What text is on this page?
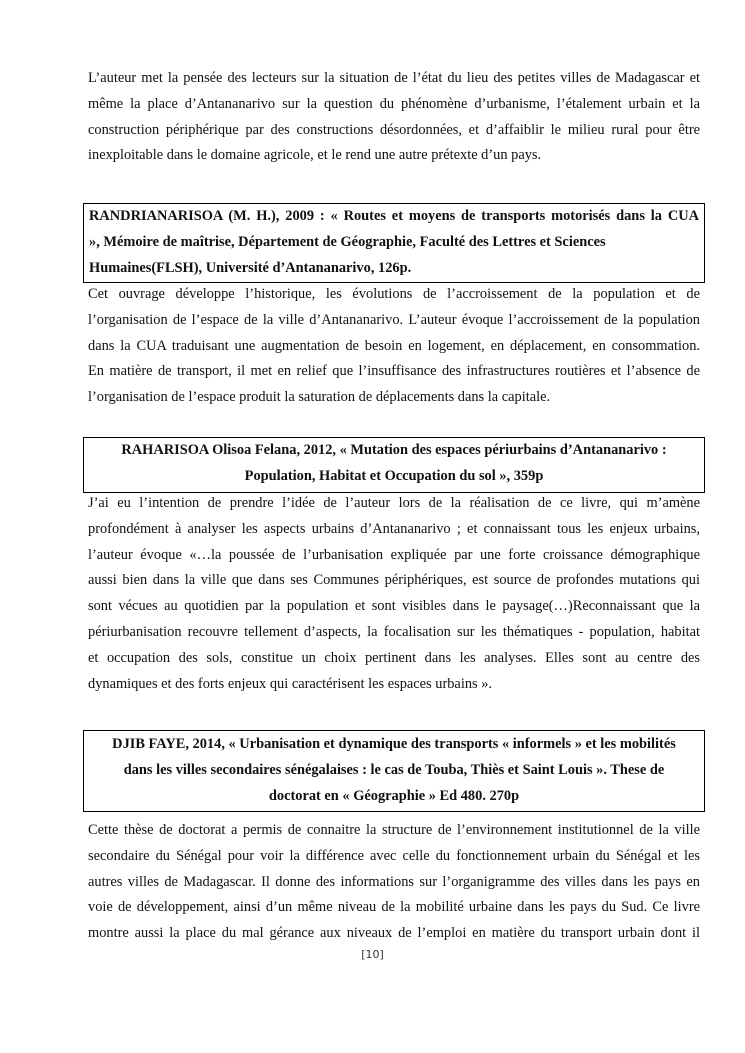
L’auteur met la pensée des lecteurs sur la situation de l’état du lieu des petites villes de Madagascar et
même la place d’Antananarivo sur la question du phénomène d’urbanisme, l’étalement urbain et la
construction périphérique par des constructions désordonnées, et d’affaiblir le milieu rural pour être
inexploitable dans le domaine agricole, et le rend une autre prétexte d’un pays.
RANDRIANARISOA (M. H.), 2009 : « Routes et moyens de transports motorisés dans la CUA
», Mémoire de maîtrise, Département de Géographie, Faculté des Lettres et Sciences
Humaines(FLSH), Université d’Antananarivo, 126p.
Cet ouvrage développe l’historique, les évolutions de l’accroissement de la population et de
l’organisation de l’espace de la ville d’Antananarivo. L’auteur évoque l’accroissement de la population
dans la CUA traduisant une augmentation de besoin en logement, en déplacement, en consommation.
En matière de transport, il met en relief que l’insuffisance des infrastructures routières et l’absence de
l’organisation de l’espace produit la saturation de déplacements dans la capitale.
RAHARISOA Olisoa Felana, 2012, « Mutation des espaces périurbains d’Antananarivo :
Population, Habitat et Occupation du sol », 359p
J’ai eu l’intention de prendre l’idée de l’auteur lors de la réalisation de ce livre, qui m’amène
profondément à analyser les aspects urbains d’Antananarivo ; et connaissant tous les enjeux urbains,
l’auteur évoque «…la poussée de l’urbanisation expliquée par une forte croissance démographique
aussi bien dans la ville que dans ses Communes périphériques, est source de profondes mutations qui
sont vécues au quotidien par la population et sont visibles dans le paysage(…)Reconnaissant que la
périurbanisation recouvre tellement d’aspects, la focalisation sur les thématiques - population, habitat
et occupation des sols, constitue un choix pertinent dans les analyses. Elles sont au centre des
dynamiques et des forts enjeux qui caractérisent les espaces urbains ».
DJIB FAYE, 2014, « Urbanisation et dynamique des transports « informels » et les mobilités
dans les villes secondaires sénégalaises : le cas de Touba, Thiès et Saint Louis ». These de
doctorat en « Géographie » Ed 480. 270p
Cette thèse de doctorat a permis de connaitre la structure de l’environnement institutionnel de la ville
secondaire du Sénégal pour voir la différence avec celle du fonctionnement urbain du Sénégal et les
autres villes de Madagascar. Il donne des informations sur l’organigramme des villes dans les pays en
voie de développement, ainsi d’un même niveau de la mobilité urbaine dans les pays du Sud. Ce livre
montre aussi la place du mal gérance aux niveaux de l’emploi en matière du transport urbain dont il
[10]
